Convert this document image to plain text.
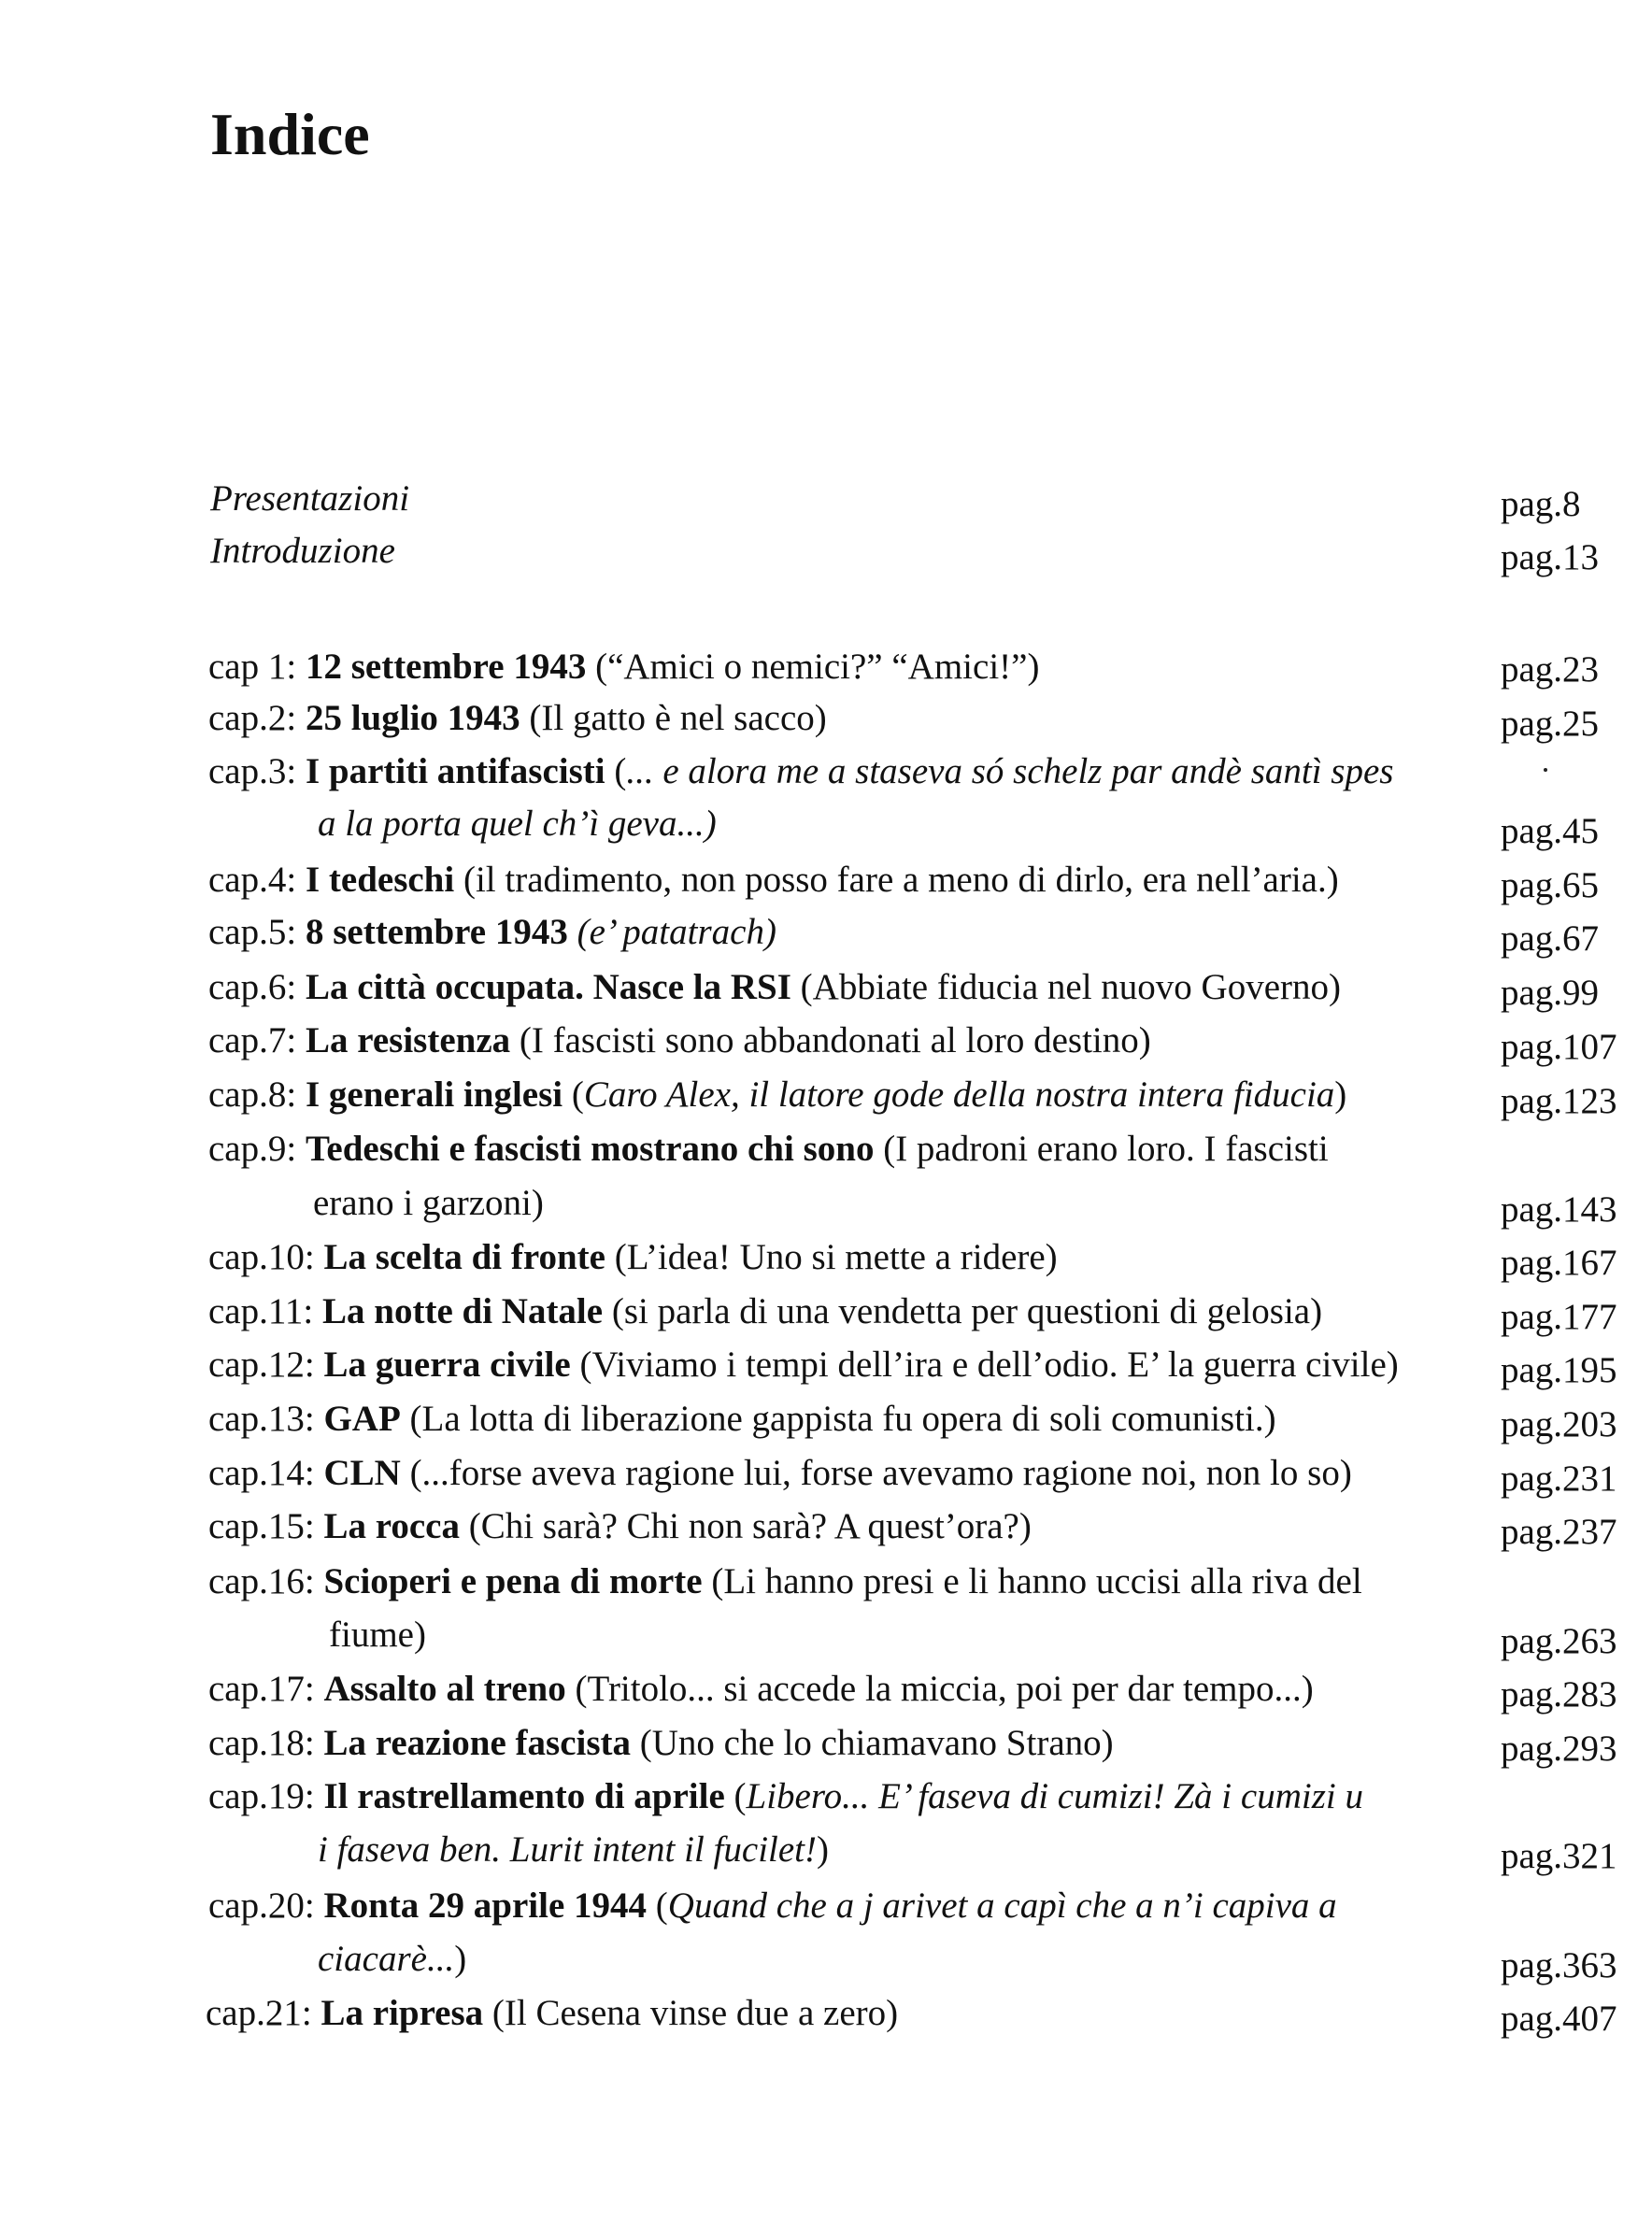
Indice
Presentazioni	pag.8
Introduzione	pag.13
cap 1: 12 settembre 1943 (“Amici o nemici?” “Amici!”)	pag.23
cap.2: 25 luglio 1943 (Il gatto è nel sacco)	pag.25
cap.3: I partiti antifascisti (... e alora me a staseva só schelz par andè santì spes
a la porta quel ch’ì geva...)	pag.45
cap.4: I tedeschi (il tradimento, non posso fare a meno di dirlo, era nell’aria.)	pag.65
cap.5: 8 settembre 1943 (e’ patatrach)	pag.67
cap.6: La città occupata. Nasce la RSI (Abbiate fiducia nel nuovo Governo)	pag.99
cap.7: La resistenza (I fascisti sono abbandonati al loro destino)	pag.107
cap.8: I generali inglesi (Caro Alex, il latore gode della nostra intera fiducia)	pag.123
cap.9: Tedeschi e fascisti mostrano chi sono (I padroni erano loro. I fascisti
erano i garzoni)	pag.143
cap.10: La scelta di fronte (L’idea! Uno si mette a ridere)	pag.167
cap.11: La notte di Natale (si parla di una vendetta per questioni di gelosia)	pag.177
cap.12: La guerra civile (Viviamo i tempi dell’ira e dell’odio. E’ la guerra civile)	pag.195
cap.13: GAP (La lotta di liberazione gappista fu opera di soli comunisti.)	pag.203
cap.14: CLN (...forse aveva ragione lui, forse avevamo ragione noi, non lo so)	pag.231
cap.15: La rocca (Chi sarà? Chi non sarà? A quest’ora?)	pag.237
cap.16: Scioperi e pena di morte (Li hanno presi e li hanno uccisi alla riva del
fiume)	pag.263
cap.17: Assalto al treno (Tritolo... si accede la miccia, poi per dar tempo...)	pag.283
cap.18: La reazione fascista (Uno che lo chiamavano Strano)	pag.293
cap.19: Il rastrellamento di aprile (Libero... E’ faseva di cumizi! Zà i cumizi u
i faseva ben. Lurit intent il fucilet!)	pag.321
cap.20: Ronta 29 aprile 1944 (Quand che a j arivet a capì che a n’i capiva a
ciacarè...)	pag.363
cap.21: La ripresa (Il Cesena vinse due a zero)	pag.407
